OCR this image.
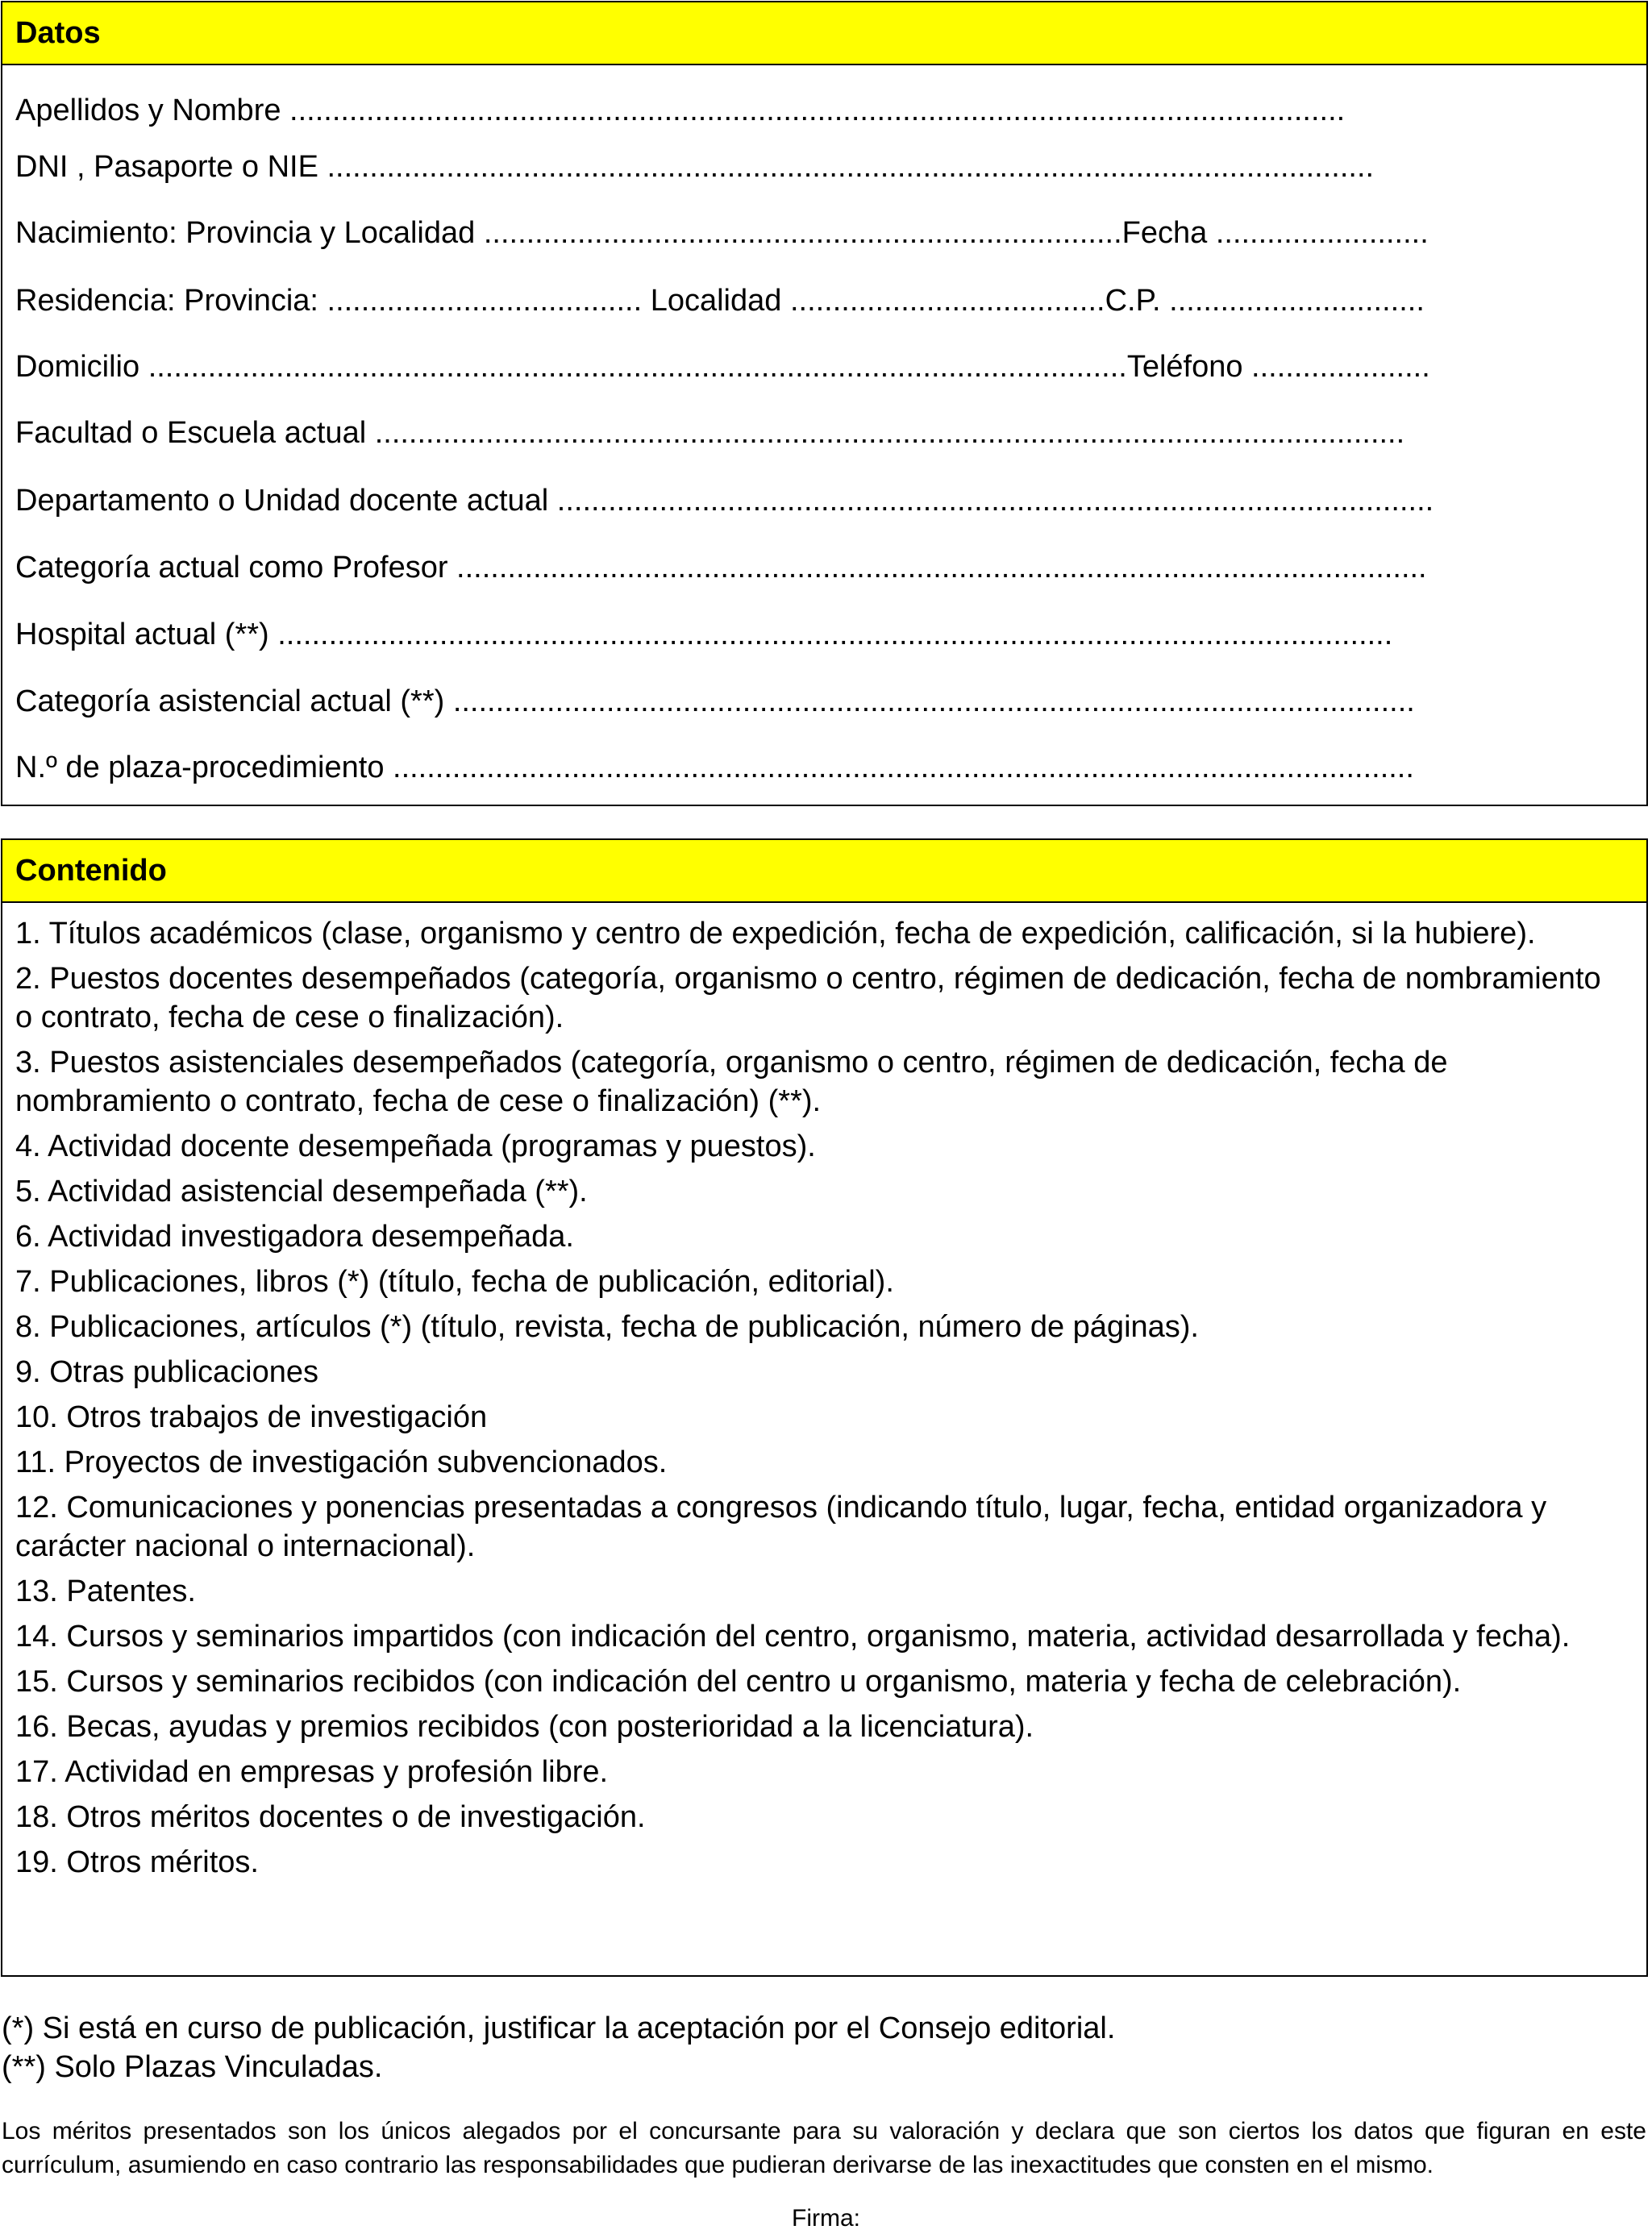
Datos
Apellidos y Nombre ............................................................................................................................
DNI , Pasaporte o NIE ...........................................................................................................................
Nacimiento: Provincia y Localidad ...........................................................................Fecha .........................
Residencia: Provincia: ..................................... Localidad .....................................C.P. ..............................
Domicilio ...................................................................................................................Teléfono .....................
Facultad o Escuela actual .........................................................................................................................
Departamento o Unidad docente actual .......................................................................................................
Categoría actual como Profesor ..................................................................................................................
Hospital actual (**) ...................................................................................................................................
Categoría asistencial actual (**) .................................................................................................................
N.º de plaza-procedimiento ........................................................................................................................
Contenido
1. Títulos académicos (clase, organismo y centro de expedición, fecha de expedición, calificación, si la hubiere).
2. Puestos docentes desempeñados (categoría, organismo o centro, régimen de dedicación, fecha de nombramiento o contrato, fecha de cese o finalización).
3. Puestos asistenciales desempeñados (categoría, organismo o centro, régimen de dedicación, fecha de nombramiento o contrato, fecha de cese o finalización) (**).
4. Actividad docente desempeñada (programas y puestos).
5. Actividad asistencial desempeñada (**).
6. Actividad investigadora desempeñada.
7. Publicaciones, libros (*) (título, fecha de publicación, editorial).
8. Publicaciones, artículos (*) (título, revista, fecha de publicación, número de páginas).
9. Otras publicaciones
10. Otros trabajos de investigación
11. Proyectos de investigación subvencionados.
12. Comunicaciones y ponencias presentadas a congresos (indicando título, lugar, fecha, entidad organizadora y carácter nacional o internacional).
13. Patentes.
14. Cursos y seminarios impartidos (con indicación del centro, organismo, materia, actividad desarrollada y fecha).
15. Cursos y seminarios recibidos (con indicación del centro u organismo, materia y fecha de celebración).
16. Becas, ayudas y premios recibidos (con posterioridad a la licenciatura).
17. Actividad en empresas y profesión libre.
18. Otros méritos docentes o de investigación.
19. Otros méritos.
(*) Si está en curso de publicación, justificar la aceptación por el Consejo editorial.
(**) Solo Plazas Vinculadas.
Los méritos presentados son los únicos alegados por el concursante para su valoración y declara que son ciertos los datos que figuran en este currículum, asumiendo en caso contrario las responsabilidades que pudieran derivarse de las inexactitudes que consten en el mismo.
Firma:
